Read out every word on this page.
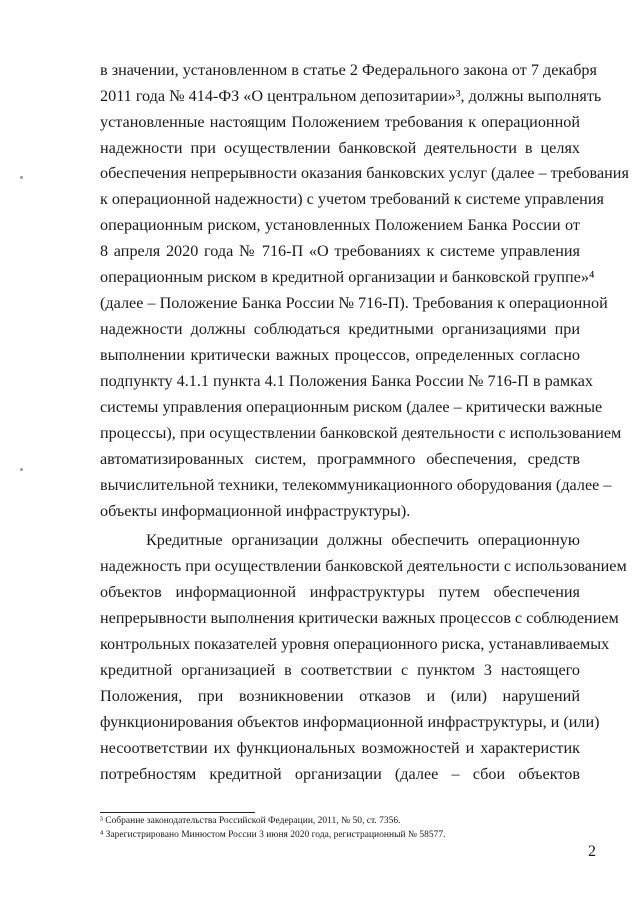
в значении, установленном в статье 2 Федерального закона от 7 декабря
2011 года № 414-ФЗ «О центральном депозитарии»³, должны выполнять
установленные настоящим Положением требования к операционной
надежности при осуществлении банковской деятельности в целях
обеспечения непрерывности оказания банковских услуг (далее – требования
к операционной надежности) с учетом требований к системе управления
операционным риском, установленных Положением Банка России от
8 апреля 2020 года № 716-П «О требованиях к системе управления
операционным риском в кредитной организации и банковской группе»⁴
(далее – Положение Банка России № 716-П). Требования к операционной
надежности должны соблюдаться кредитными организациями при
выполнении критически важных процессов, определенных согласно
подпункту 4.1.1 пункта 4.1 Положения Банка России № 716-П в рамках
системы управления операционным риском (далее – критически важные
процессы), при осуществлении банковской деятельности с использованием
автоматизированных систем, программного обеспечения, средств
вычислительной техники, телекоммуникационного оборудования (далее –
объекты информационной инфраструктуры).
Кредитные организации должны обеспечить операционную
надежность при осуществлении банковской деятельности с использованием
объектов информационной инфраструктуры путем обеспечения
непрерывности выполнения критически важных процессов с соблюдением
контрольных показателей уровня операционного риска, устанавливаемых
кредитной организацией в соответствии с пунктом 3 настоящего
Положения, при возникновении отказов и (или) нарушений
функционирования объектов информационной инфраструктуры, и (или)
несоответствии их функциональных возможностей и характеристик
потребностям кредитной организации (далее – сбои объектов
³ Собрание законодательства Российской Федерации, 2011, № 50, ст. 7356.
⁴ Зарегистрировано Минюстом России 3 июня 2020 года, регистрационный № 58577.
2
